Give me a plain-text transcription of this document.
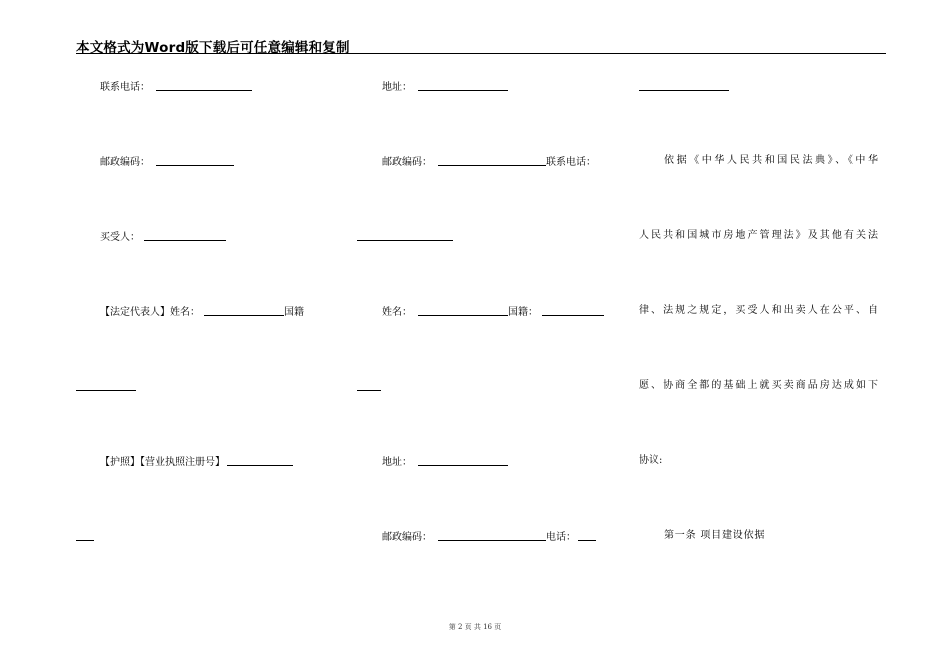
本文格式为Word版下载后可任意编辑和复制
联系电话：
邮政编码：
买受人：
【法定代表人】姓名：	国籍
【护照】【营业执照注册号】
地址：
邮政编码：	联系电话：
姓名：	国籍：
地址：
邮政编码：	电话：
依据《中华人民共和国民法典》、《中华
人民共和国城市房地产管理法》及其他有关法
律、法规之规定，买受人和出卖人在公平、自
愿、协商全都的基础上就买卖商品房达成如下
协议:
第一条 项目建设依据
第 2 页 共 16 页
